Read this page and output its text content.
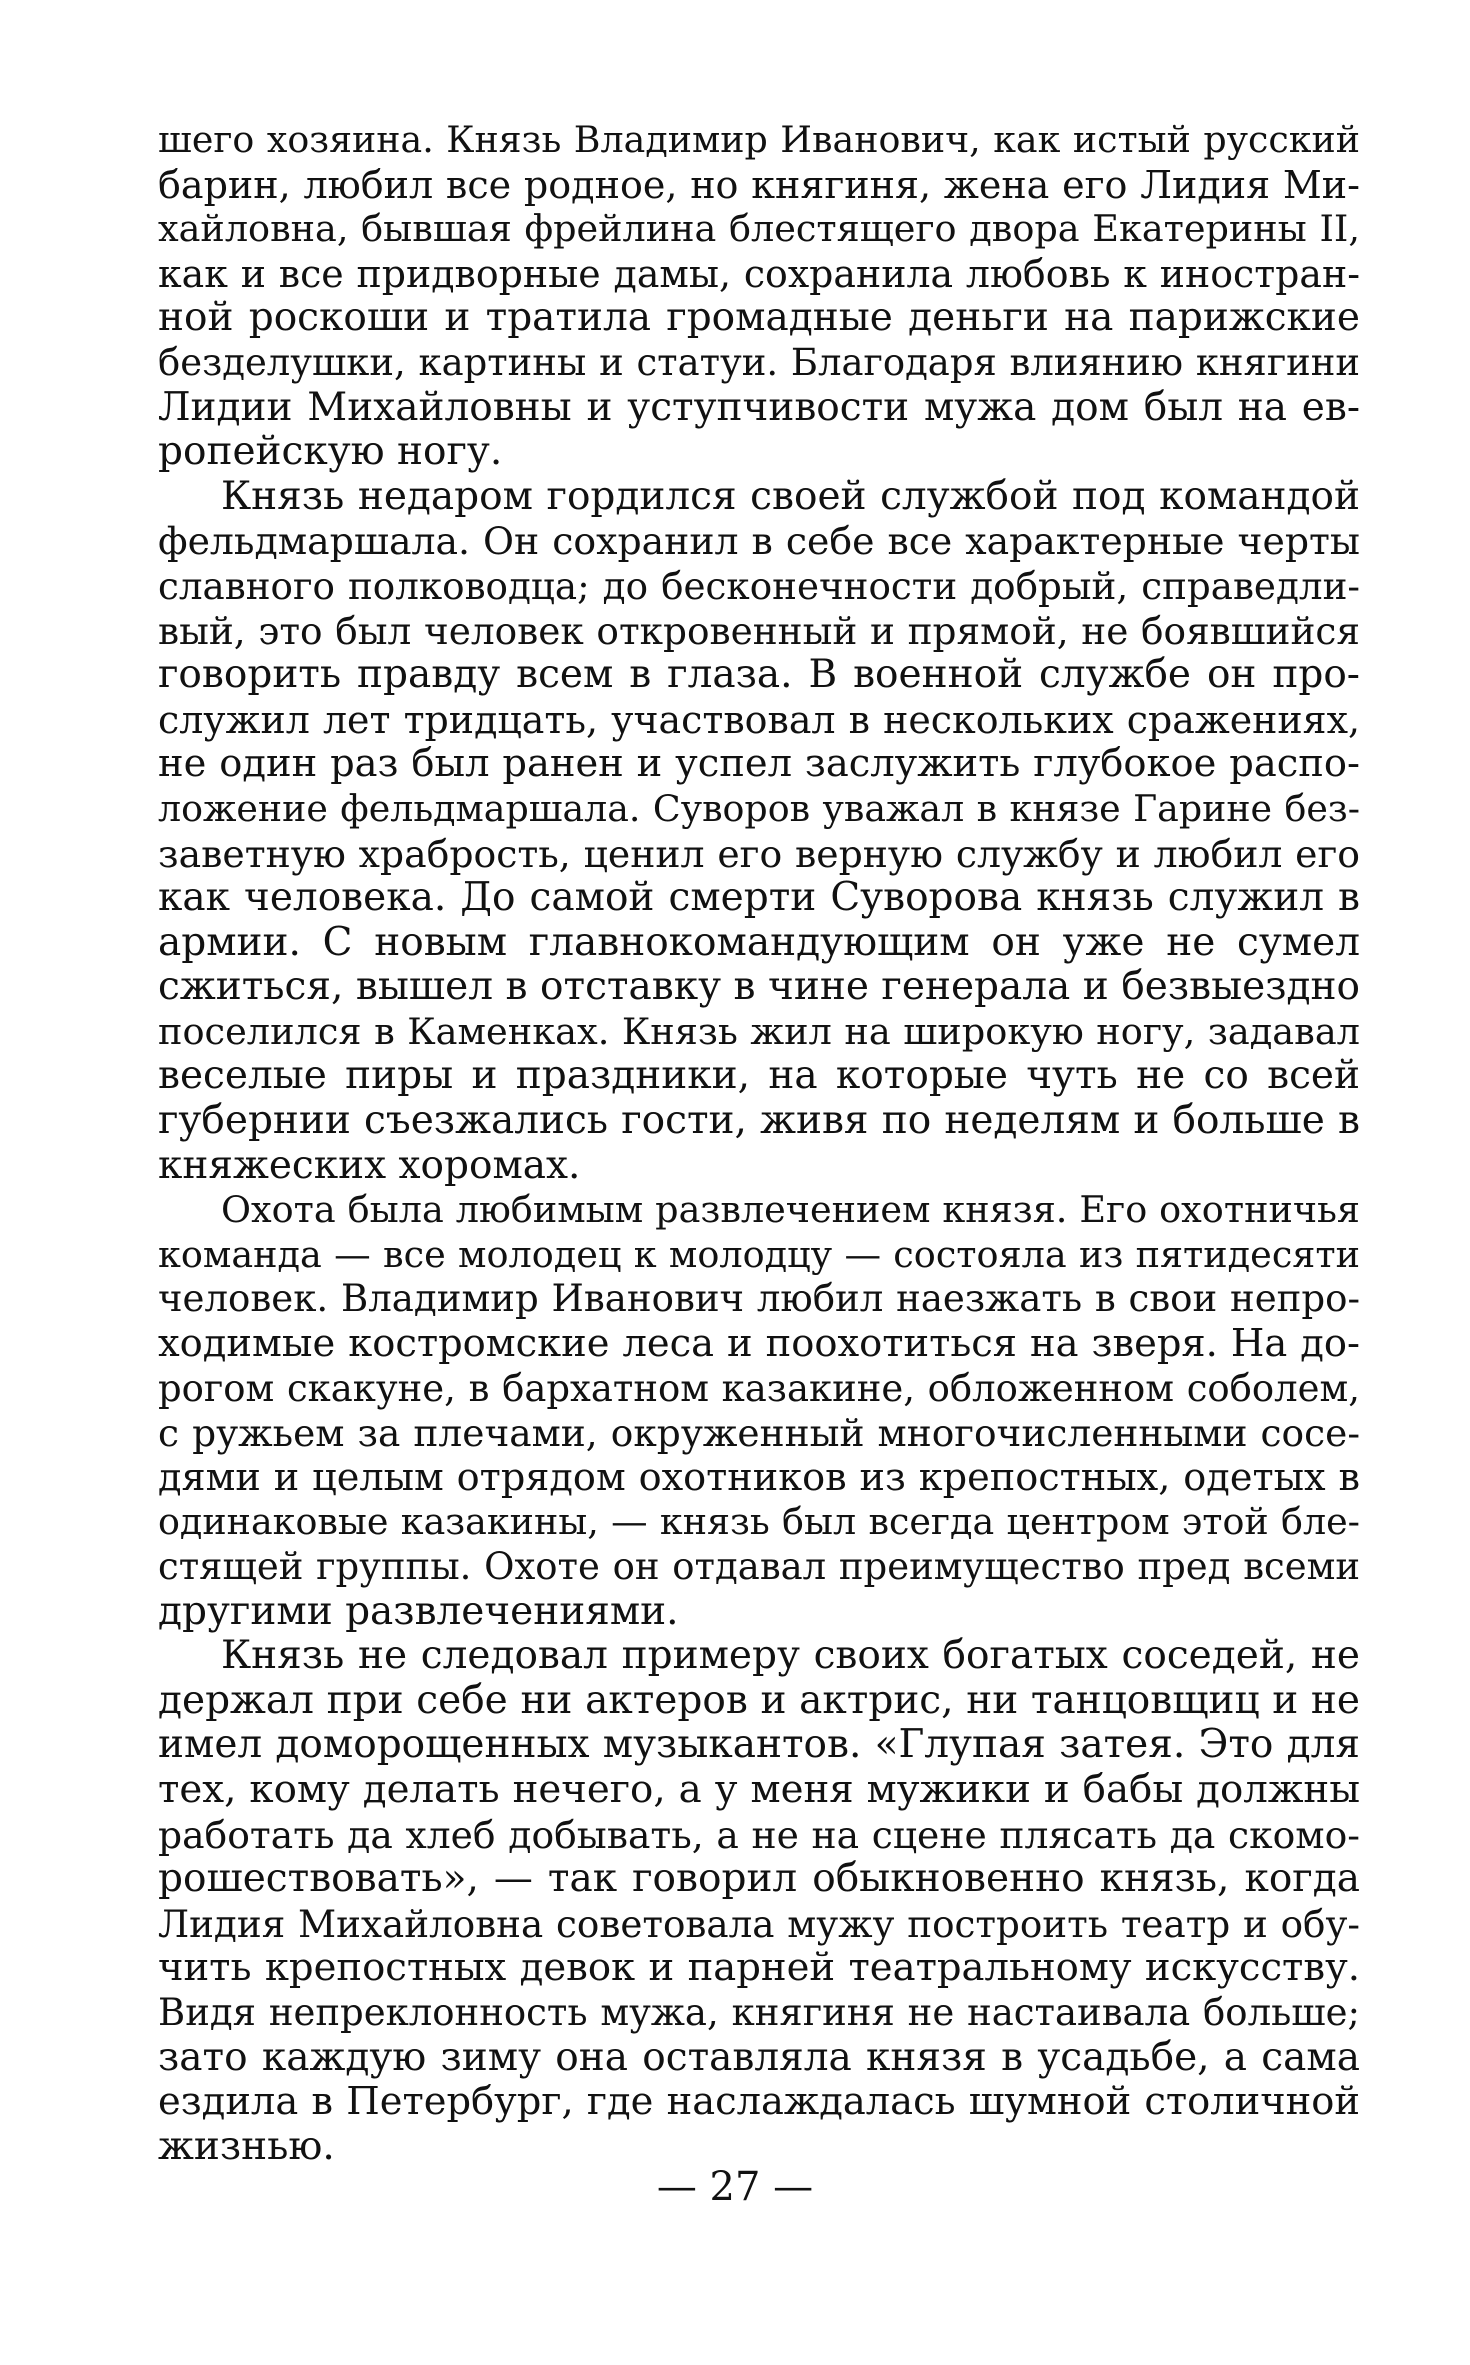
шего хозяина. Князь Владимир Иванович, как истый русский
барин, любил все родное, но княгиня, жена его Лидия Ми-
хайловна, бывшая фрейлина блестящего двора Екатерины II,
как и все придворные дамы, сохранила любовь к иностран-
ной роскоши и тратила громадные деньги на парижские
безделушки, картины и статуи. Благодаря влиянию княгини
Лидии Михайловны и уступчивости мужа дом был на ев-
ропейскую ногу.
Князь недаром гордился своей службой под командой
фельдмаршала. Он сохранил в себе все характерные черты
славного полководца; до бесконечности добрый, справедли-
вый, это был человек откровенный и прямой, не боявшийся
говорить правду всем в глаза. В военной службе он про-
служил лет тридцать, участвовал в нескольких сражениях,
не один раз был ранен и успел заслужить глубокое распо-
ложение фельдмаршала. Суворов уважал в князе Гарине без-
заветную храбрость, ценил его верную службу и любил его
как человека. До самой смерти Суворова князь служил в
армии. С новым главнокомандующим он уже не сумел
сжиться, вышел в отставку в чине генерала и безвыездно
поселился в Каменках. Князь жил на широкую ногу, задавал
веселые пиры и праздники, на которые чуть не со всей
губернии съезжались гости, живя по неделям и больше в
княжеских хоромах.
Охота была любимым развлечением князя. Его охотничья
команда — все молодец к молодцу — состояла из пятидесяти
человек. Владимир Иванович любил наезжать в свои непро-
ходимые костромские леса и поохотиться на зверя. На до-
рогом скакуне, в бархатном казакине, обложенном соболем,
с ружьем за плечами, окруженный многочисленными сосе-
дями и целым отрядом охотников из крепостных, одетых в
одинаковые казакины, — князь был всегда центром этой бле-
стящей группы. Охоте он отдавал преимущество пред всеми
другими развлечениями.
Князь не следовал примеру своих богатых соседей, не
держал при себе ни актеров и актрис, ни танцовщиц и не
имел доморощенных музыкантов. «Глупая затея. Это для
тех, кому делать нечего, а у меня мужики и бабы должны
работать да хлеб добывать, а не на сцене плясать да скомо-
рошествовать», — так говорил обыкновенно князь, когда
Лидия Михайловна советовала мужу построить театр и обу-
чить крепостных девок и парней театральному искусству.
Видя непреклонность мужа, княгиня не настаивала больше;
зато каждую зиму она оставляла князя в усадьбе, а сама
ездила в Петербург, где наслаждалась шумной столичной
жизнью.
— 27 —
